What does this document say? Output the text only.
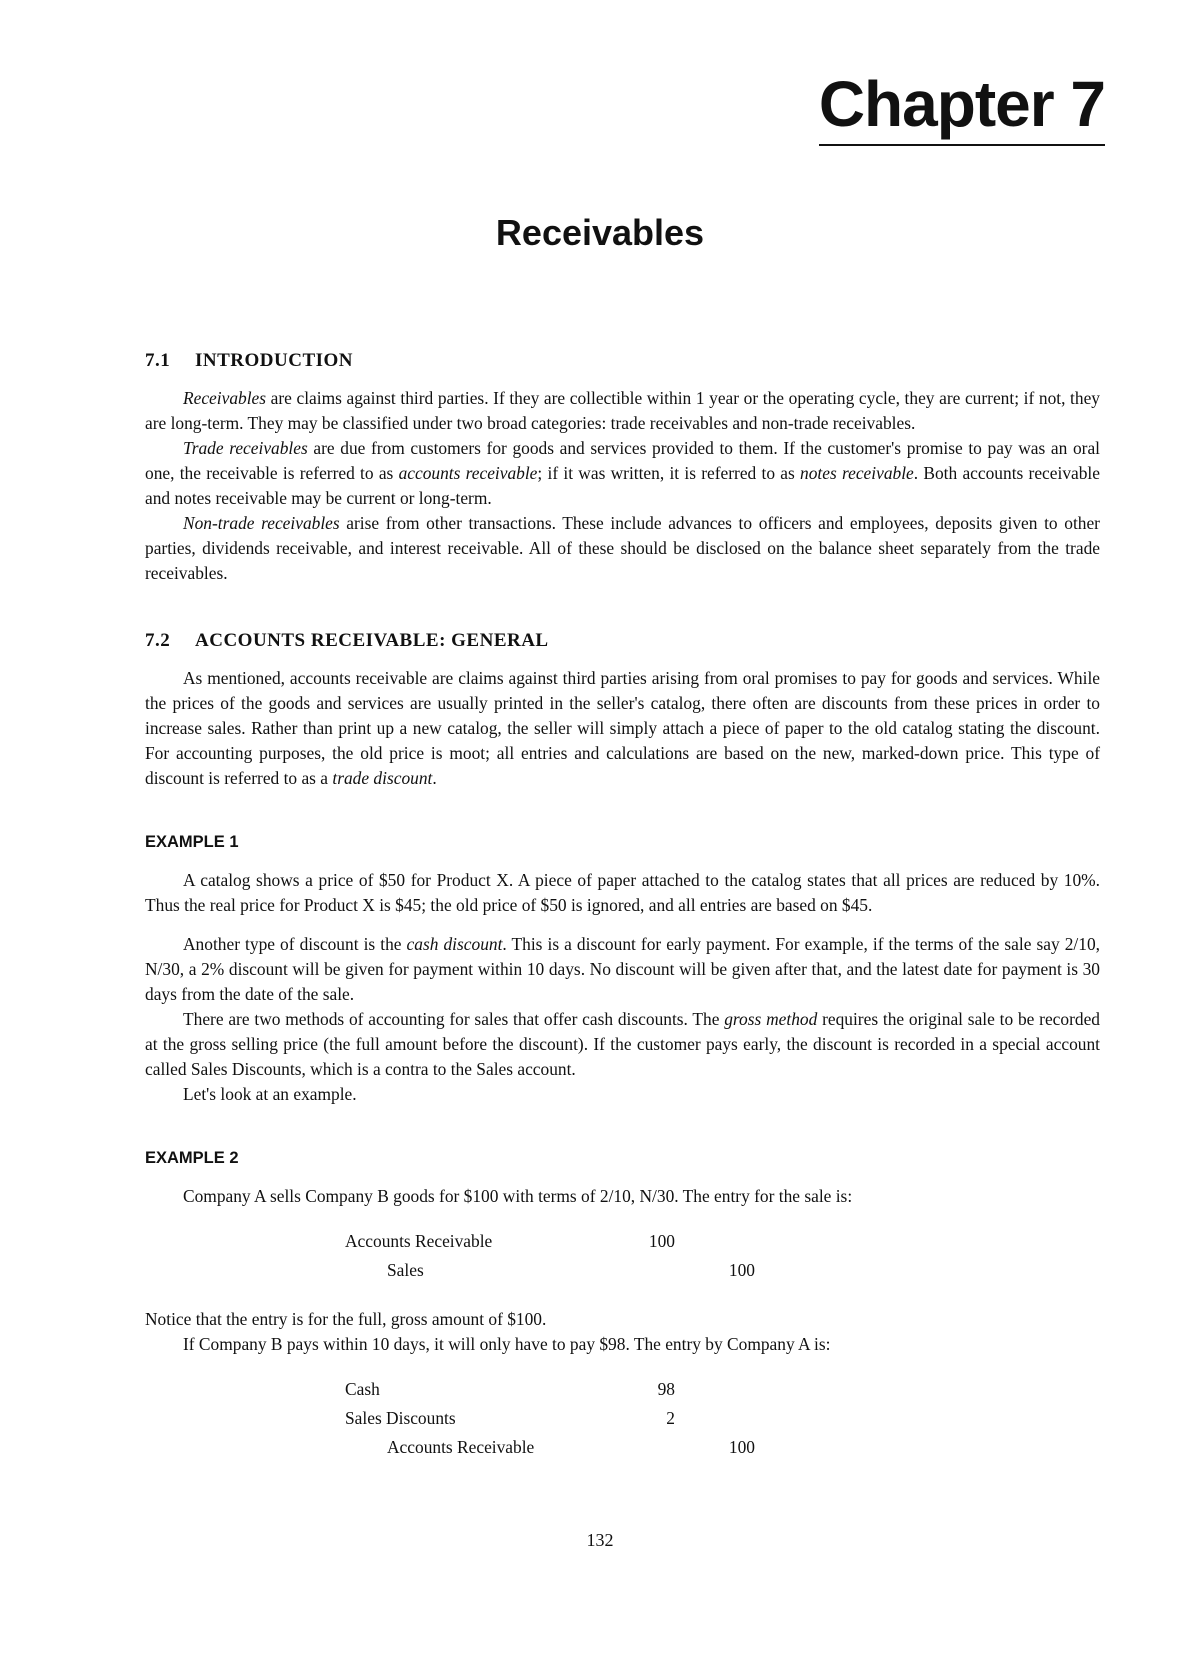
Chapter 7
Receivables
7.1 INTRODUCTION

Receivables are claims against third parties. If they are collectible within 1 year or the operating cycle, they are current; if not, they are long-term. They may be classified under two broad categories: trade receivables and non-trade receivables.

Trade receivables are due from customers for goods and services provided to them. If the customer's promise to pay was an oral one, the receivable is referred to as accounts receivable; if it was written, it is referred to as notes receivable. Both accounts receivable and notes receivable may be current or long-term.

Non-trade receivables arise from other transactions. These include advances to officers and employees, deposits given to other parties, dividends receivable, and interest receivable. All of these should be disclosed on the balance sheet separately from the trade receivables.

7.2 ACCOUNTS RECEIVABLE: GENERAL

As mentioned, accounts receivable are claims against third parties arising from oral promises to pay for goods and services. While the prices of the goods and services are usually printed in the seller's catalog, there often are discounts from these prices in order to increase sales. Rather than print up a new catalog, the seller will simply attach a piece of paper to the old catalog stating the discount. For accounting purposes, the old price is moot; all entries and calculations are based on the new, marked-down price. This type of discount is referred to as a trade discount.

EXAMPLE 1

A catalog shows a price of $50 for Product X. A piece of paper attached to the catalog states that all prices are reduced by 10%. Thus the real price for Product X is $45; the old price of $50 is ignored, and all entries are based on $45.

Another type of discount is the cash discount. This is a discount for early payment. For example, if the terms of the sale say 2/10, N/30, a 2% discount will be given for payment within 10 days. No discount will be given after that, and the latest date for payment is 30 days from the date of the sale.

There are two methods of accounting for sales that offer cash discounts. The gross method requires the original sale to be recorded at the gross selling price (the full amount before the discount). If the customer pays early, the discount is recorded in a special account called Sales Discounts, which is a contra to the Sales account.

Let's look at an example.

EXAMPLE 2

Company A sells Company B goods for $100 with terms of 2/10, N/30. The entry for the sale is:

Accounts Receivable	100	
Sales		100

Notice that the entry is for the full, gross amount of $100.

If Company B pays within 10 days, it will only have to pay $98. The entry by Company A is:

Cash	98	
Sales Discounts	2	
Accounts Receivable		100
132
